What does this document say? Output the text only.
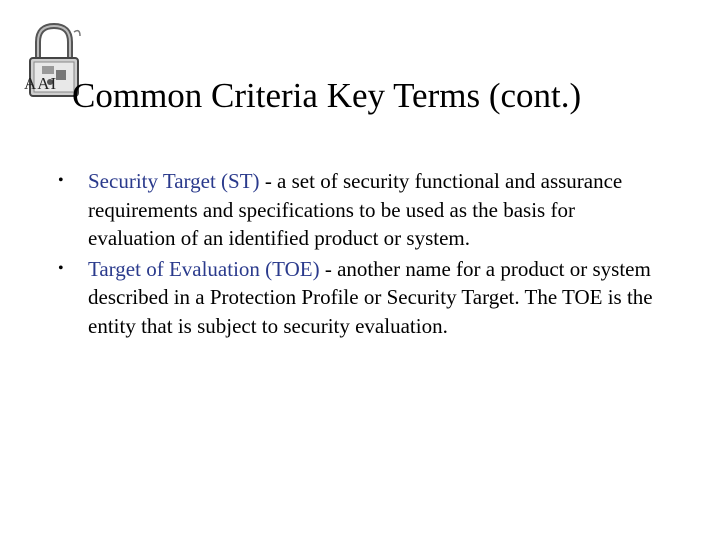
AAI Common Criteria Key Terms (cont.)
• Security Target (ST) - a set of security functional and assurance requirements and specifications to be used as the basis for evaluation of an identified product or system.
• Target of Evaluation (TOE) - another name for a product or system described in a Protection Profile or Security Target. The TOE is the entity that is subject to security evaluation.
